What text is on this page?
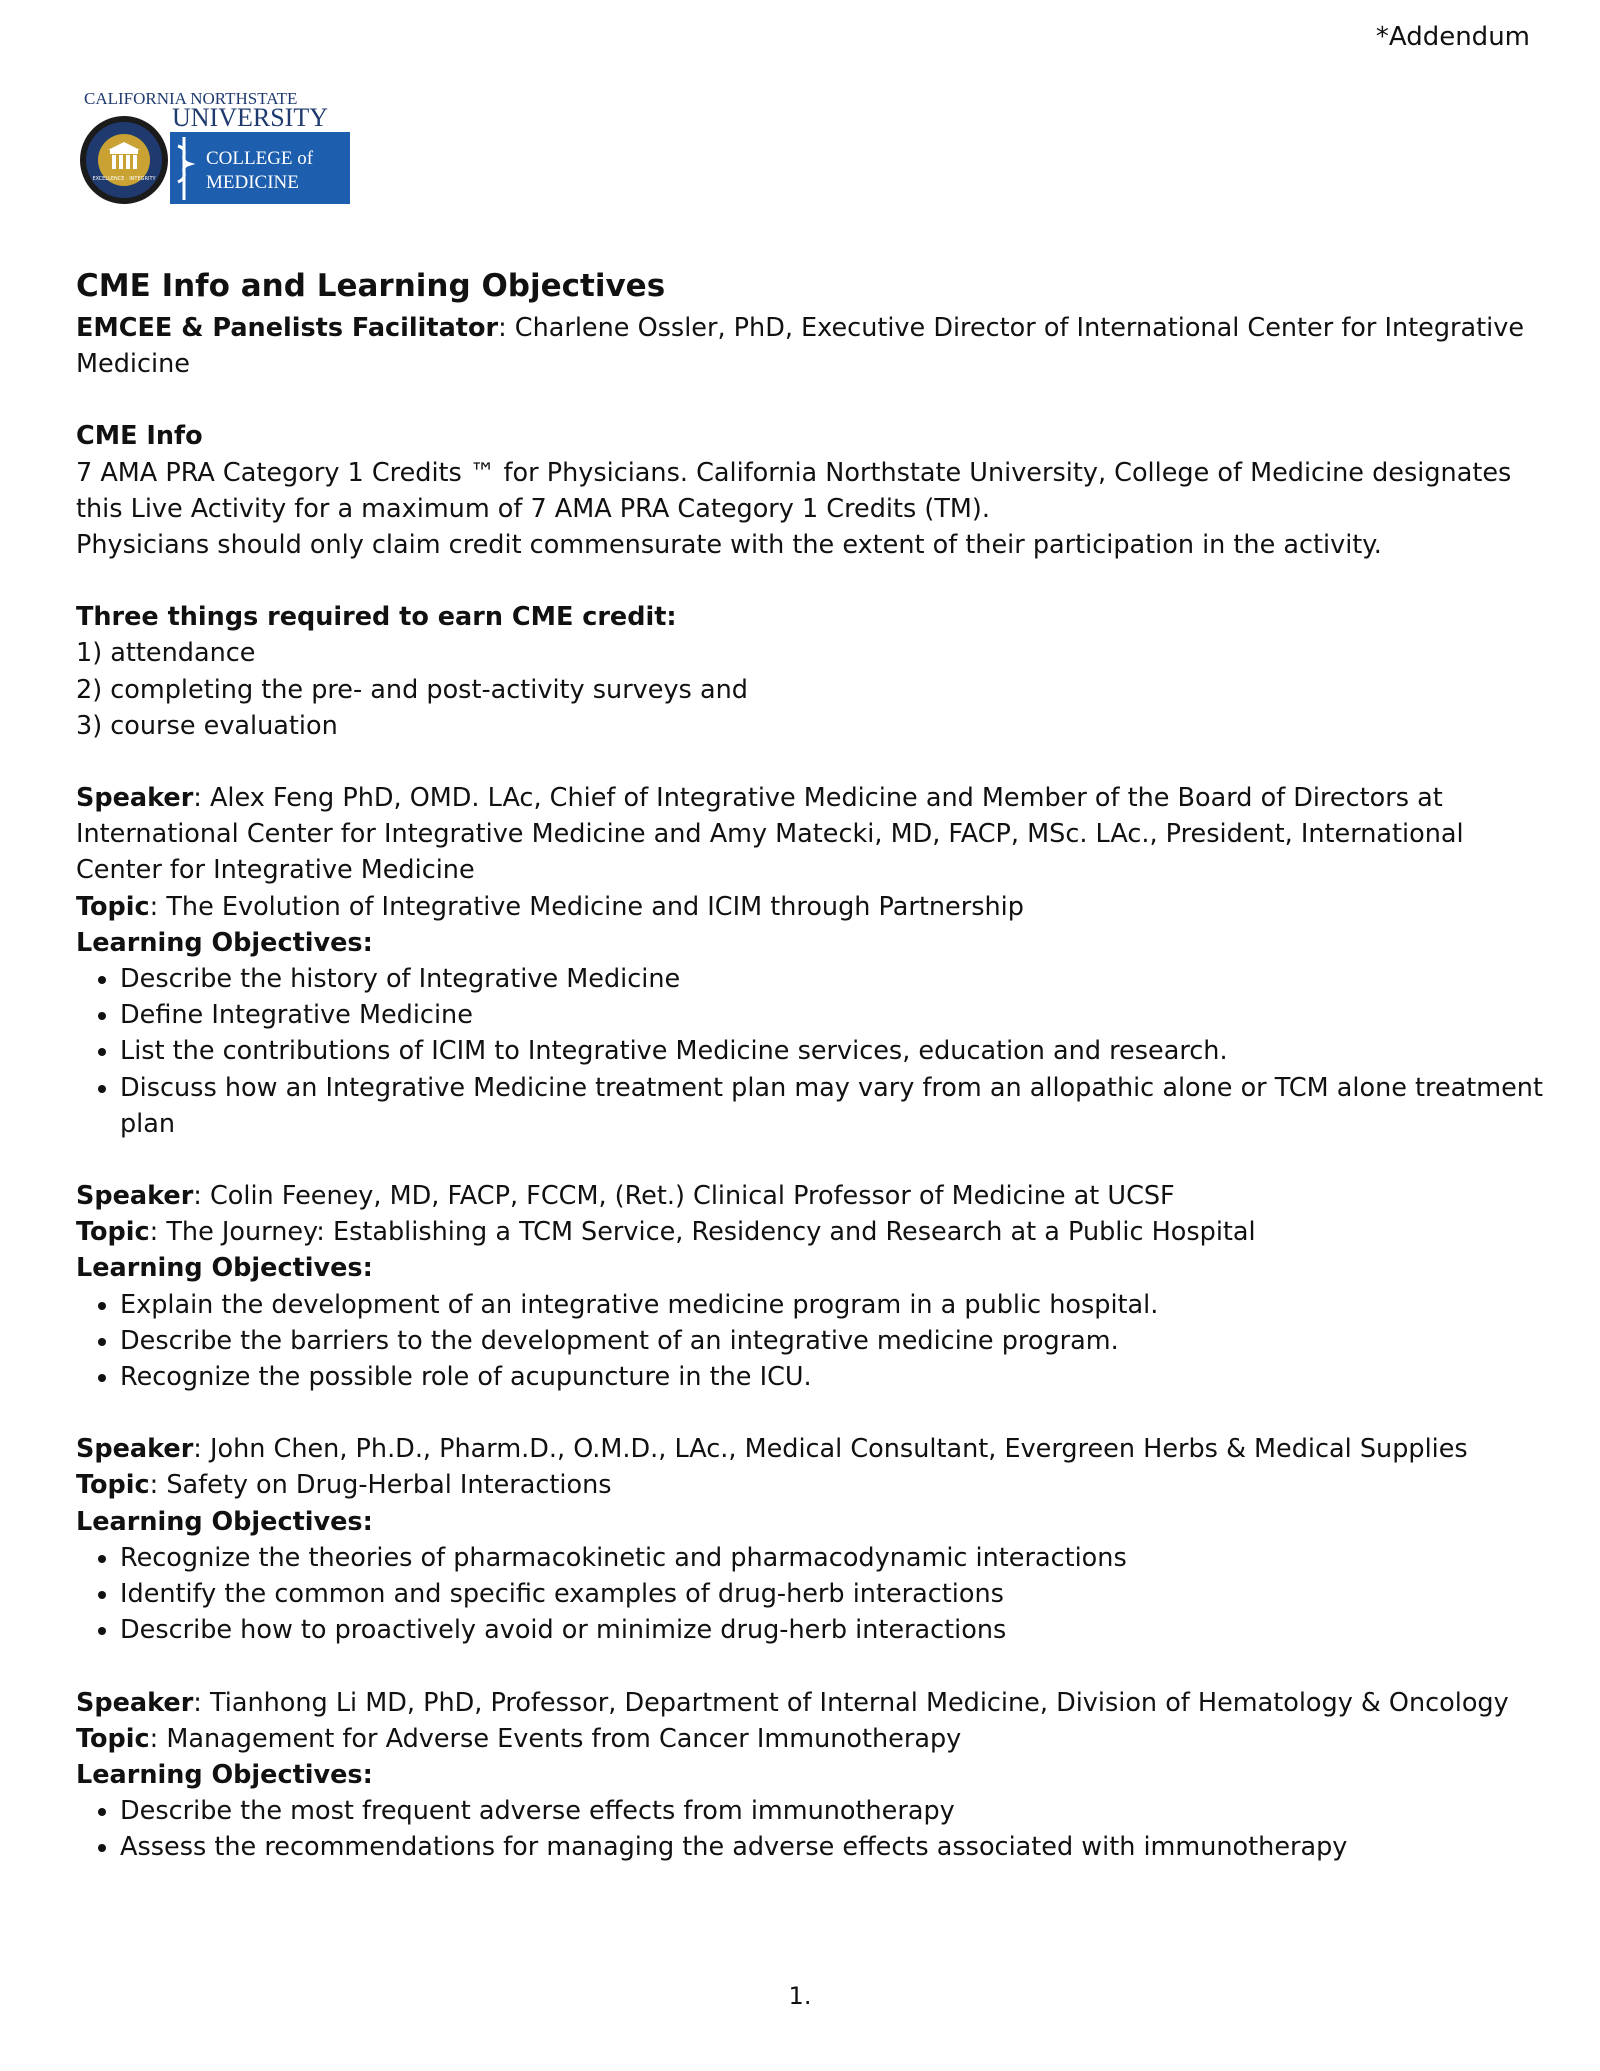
*Addendum
EXCELLENCE · INTEGRITY
CALIFORNIA NORTHSTATE
UNIVERSITY
COLLEGE of
MEDICINE

CME Info and Learning Objectives

EMCEE & Panelists Facilitator: Charlene Ossler, PhD, Executive Director of International Center for Integrative Medicine

CME Info

7 AMA PRA Category 1 Credits ™ for Physicians. California Northstate University, College of Medicine designates this Live Activity for a maximum of 7 AMA PRA Category 1 Credits (TM).

Physicians should only claim credit commensurate with the extent of their participation in the activity.

Three things required to earn CME credit:

1) attendance

2) completing the pre- and post-activity surveys and

3) course evaluation

Speaker: Alex Feng PhD, OMD. LAc, Chief of Integrative Medicine and Member of the Board of Directors at International Center for Integrative Medicine and Amy Matecki, MD, FACP, MSc. LAc., President, International Center for Integrative Medicine

Topic: The Evolution of Integrative Medicine and ICIM through Partnership

Learning Objectives:

• Describe the history of Integrative Medicine
• Define Integrative Medicine
• List the contributions of ICIM to Integrative Medicine services, education and research.
• Discuss how an Integrative Medicine treatment plan may vary from an allopathic alone or TCM alone treatment plan

Speaker: Colin Feeney, MD, FACP, FCCM, (Ret.) Clinical Professor of Medicine at UCSF

Topic: The Journey: Establishing a TCM Service, Residency and Research at a Public Hospital

Learning Objectives:

• Explain the development of an integrative medicine program in a public hospital.
• Describe the barriers to the development of an integrative medicine program.
• Recognize the possible role of acupuncture in the ICU.

Speaker: John Chen, Ph.D., Pharm.D., O.M.D., LAc., Medical Consultant, Evergreen Herbs & Medical Supplies

Topic: Safety on Drug-Herbal Interactions

Learning Objectives:

• Recognize the theories of pharmacokinetic and pharmacodynamic interactions
• Identify the common and specific examples of drug-herb interactions
• Describe how to proactively avoid or minimize drug-herb interactions

Speaker: Tianhong Li MD, PhD, Professor, Department of Internal Medicine, Division of Hematology & Oncology

Topic: Management for Adverse Events from Cancer Immunotherapy

Learning Objectives:

• Describe the most frequent adverse effects from immunotherapy
• Assess the recommendations for managing the adverse effects associated with immunotherapy
1.
